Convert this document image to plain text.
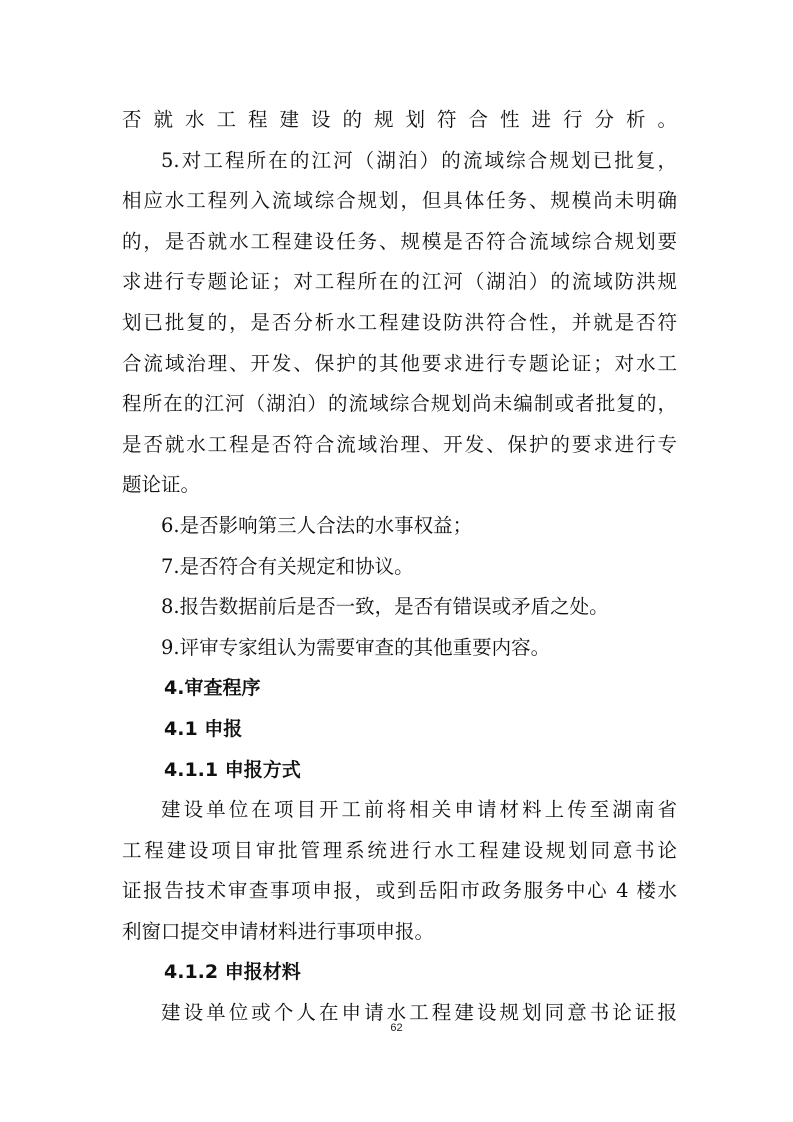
否就水工程建设的规划符合性进行分析。
5.对工程所在的江河（湖泊）的流域综合规划已批复，
相应水工程列入流域综合规划，但具体任务、规模尚未明确
的，是否就水工程建设任务、规模是否符合流域综合规划要
求进行专题论证；对工程所在的江河（湖泊）的流域防洪规
划已批复的，是否分析水工程建设防洪符合性，并就是否符
合流域治理、开发、保护的其他要求进行专题论证；对水工
程所在的江河（湖泊）的流域综合规划尚未编制或者批复的，
是否就水工程是否符合流域治理、开发、保护的要求进行专
题论证。
6.是否影响第三人合法的水事权益；
7.是否符合有关规定和协议。
8.报告数据前后是否一致，是否有错误或矛盾之处。
9.评审专家组认为需要审查的其他重要内容。
4.审查程序
4.1 申报
4.1.1 申报方式
建设单位在项目开工前将相关申请材料上传至湖南省
工程建设项目审批管理系统进行水工程建设规划同意书论
证报告技术审查事项申报，或到岳阳市政务服务中心 4 楼水
利窗口提交申请材料进行事项申报。
4.1.2 申报材料
建设单位或个人在申请水工程建设规划同意书论证报
62
